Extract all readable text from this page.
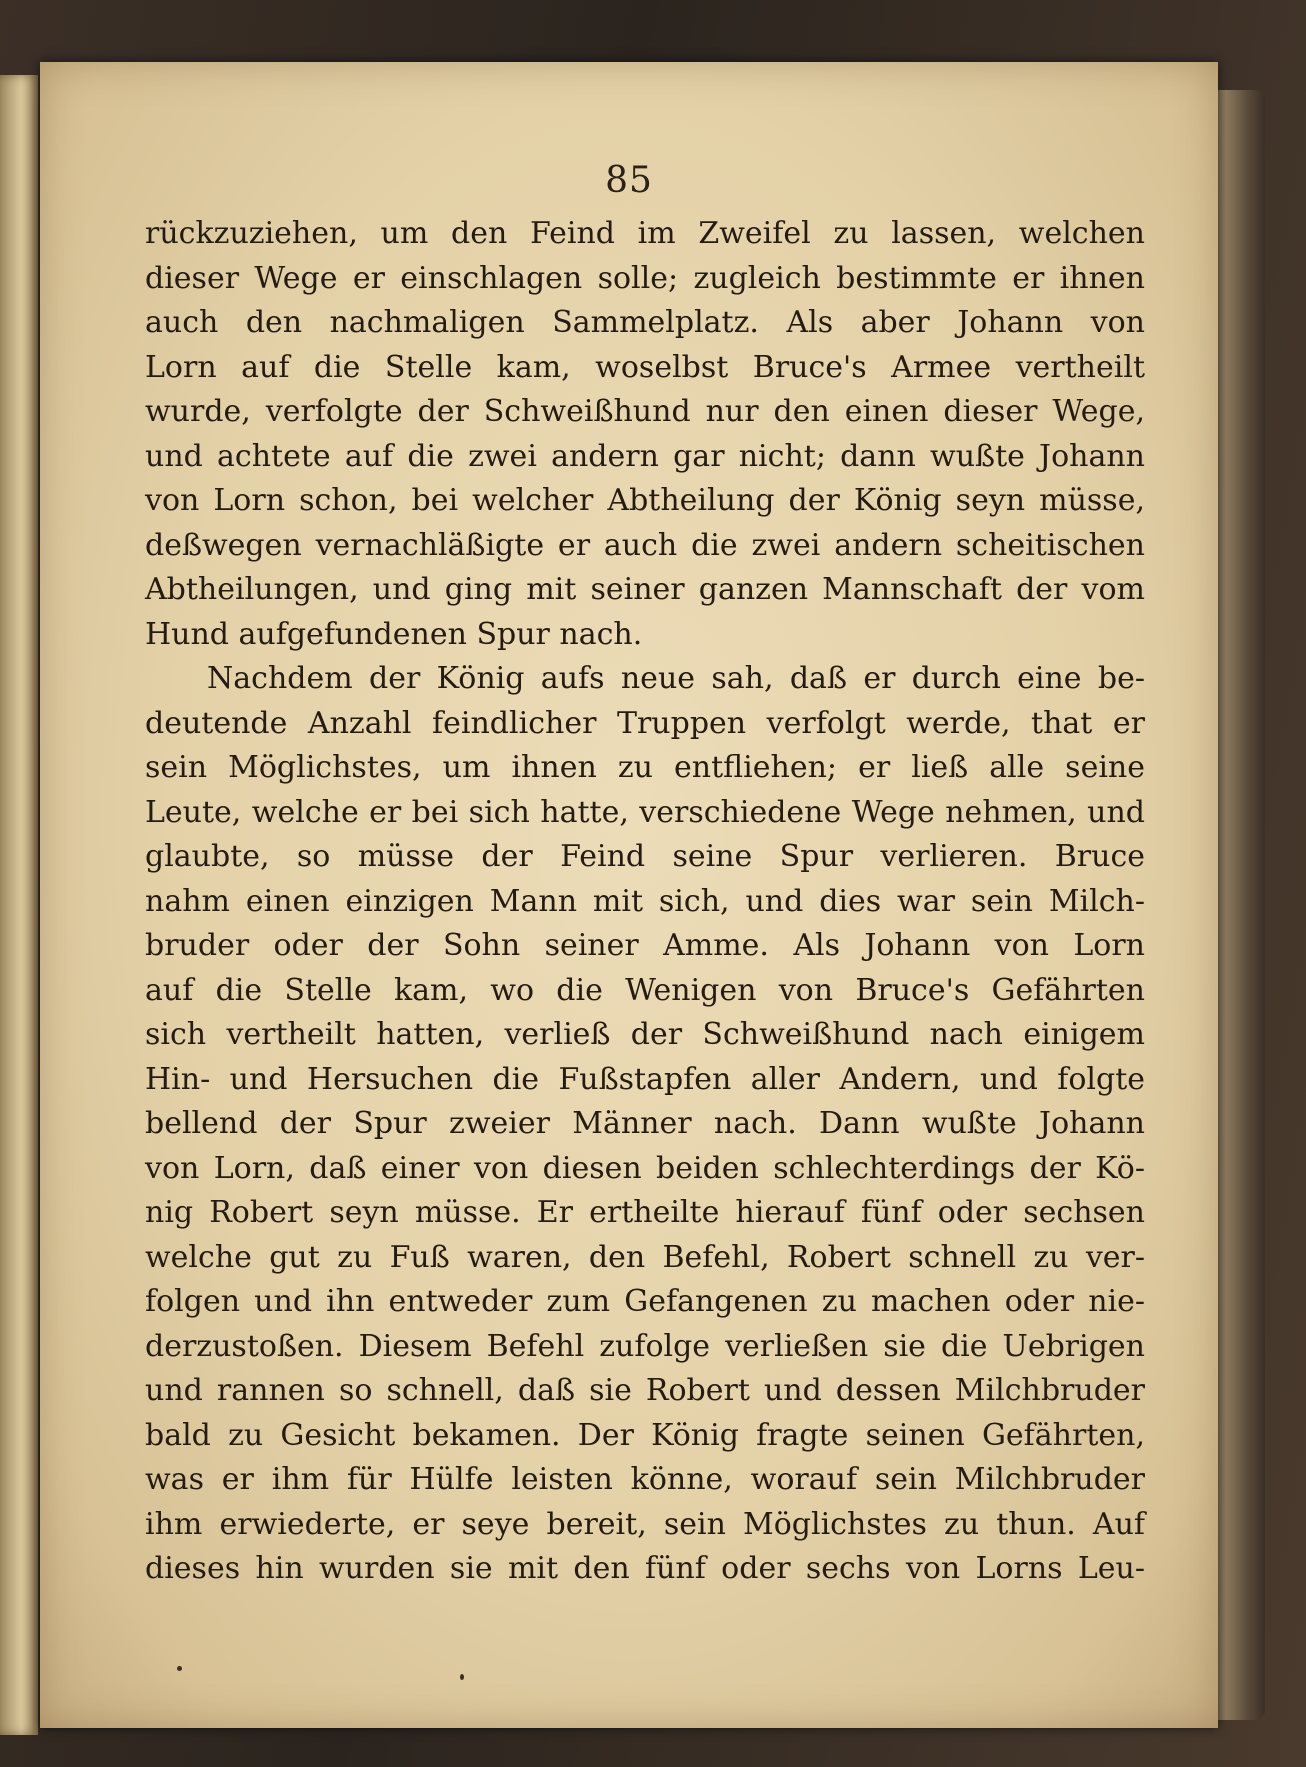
85
rückzuziehen, um den Feind im Zweifel zu lassen, welchen
dieser Wege er einschlagen solle; zugleich bestimmte er ihnen
auch den nachmaligen Sammelplatz. Als aber Johann von
Lorn auf die Stelle kam, woselbst Bruce's Armee vertheilt
wurde, verfolgte der Schweißhund nur den einen dieser Wege,
und achtete auf die zwei andern gar nicht; dann wußte Johann
von Lorn schon, bei welcher Abtheilung der König seyn müsse,
deßwegen vernachläßigte er auch die zwei andern scheitischen
Abtheilungen, und ging mit seiner ganzen Mannschaft der vom
Hund aufgefundenen Spur nach.
Nachdem der König aufs neue sah, daß er durch eine be-
deutende Anzahl feindlicher Truppen verfolgt werde, that er
sein Möglichstes, um ihnen zu entfliehen; er ließ alle seine
Leute, welche er bei sich hatte, verschiedene Wege nehmen, und
glaubte, so müsse der Feind seine Spur verlieren. Bruce
nahm einen einzigen Mann mit sich, und dies war sein Milch-
bruder oder der Sohn seiner Amme. Als Johann von Lorn
auf die Stelle kam, wo die Wenigen von Bruce's Gefährten
sich vertheilt hatten, verließ der Schweißhund nach einigem
Hin- und Hersuchen die Fußstapfen aller Andern, und folgte
bellend der Spur zweier Männer nach. Dann wußte Johann
von Lorn, daß einer von diesen beiden schlechterdings der Kö-
nig Robert seyn müsse. Er ertheilte hierauf fünf oder sechsen
welche gut zu Fuß waren, den Befehl, Robert schnell zu ver-
folgen und ihn entweder zum Gefangenen zu machen oder nie-
derzustoßen. Diesem Befehl zufolge verließen sie die Uebrigen
und rannen so schnell, daß sie Robert und dessen Milchbruder
bald zu Gesicht bekamen. Der König fragte seinen Gefährten,
was er ihm für Hülfe leisten könne, worauf sein Milchbruder
ihm erwiederte, er seye bereit, sein Möglichstes zu thun. Auf
dieses hin wurden sie mit den fünf oder sechs von Lorns Leu-
